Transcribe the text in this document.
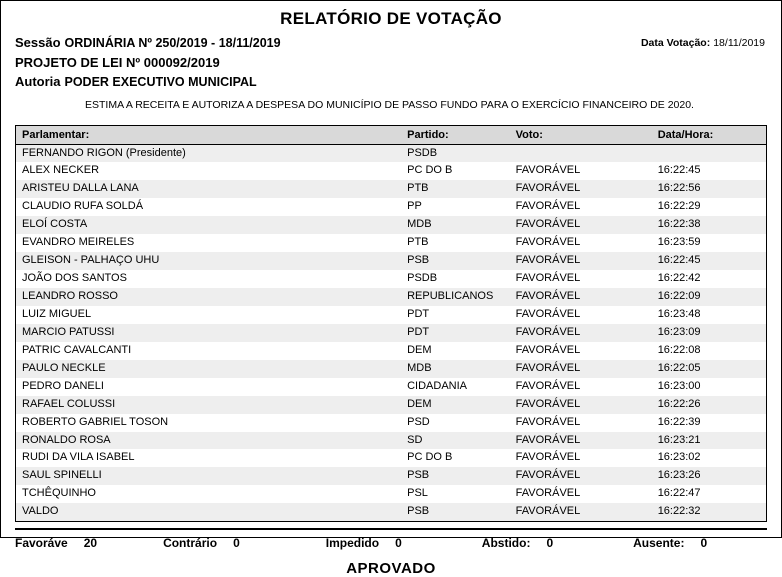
RELATÓRIO DE VOTAÇÃO
Data Votação: 18/11/2019
Sessão ORDINÁRIA Nº 250/2019 - 18/11/2019
PROJETO DE LEI Nº 000092/2019
Autoria PODER EXECUTIVO MUNICIPAL
ESTIMA A RECEITA E AUTORIZA A DESPESA DO MUNICÍPIO DE PASSO FUNDO PARA O EXERCÍCIO FINANCEIRO DE 2020.
Parlamentar:	Partido:	Voto:	Data/Hora:
FERNANDO RIGON (Presidente)	PSDB		
ALEX NECKER	PC DO B	FAVORÁVEL	16:22:45
ARISTEU DALLA LANA	PTB	FAVORÁVEL	16:22:56
CLAUDIO RUFA SOLDÁ	PP	FAVORÁVEL	16:22:29
ELOÍ COSTA	MDB	FAVORÁVEL	16:22:38
EVANDRO MEIRELES	PTB	FAVORÁVEL	16:23:59
GLEISON - PALHAÇO UHU	PSB	FAVORÁVEL	16:22:45
JOÃO DOS SANTOS	PSDB	FAVORÁVEL	16:22:42
LEANDRO ROSSO	REPUBLICANOS	FAVORÁVEL	16:22:09
LUIZ MIGUEL	PDT	FAVORÁVEL	16:23:48
MARCIO PATUSSI	PDT	FAVORÁVEL	16:23:09
PATRIC CAVALCANTI	DEM	FAVORÁVEL	16:22:08
PAULO NECKLE	MDB	FAVORÁVEL	16:22:05
PEDRO DANELI	CIDADANIA	FAVORÁVEL	16:23:00
RAFAEL COLUSSI	DEM	FAVORÁVEL	16:22:26
ROBERTO GABRIEL TOSON	PSD	FAVORÁVEL	16:22:39
RONALDO ROSA	SD	FAVORÁVEL	16:23:21
RUDI DA VILA ISABEL	PC DO B	FAVORÁVEL	16:23:02
SAUL SPINELLI	PSB	FAVORÁVEL	16:23:26
TCHÊQUINHO	PSL	FAVORÁVEL	16:22:47
VALDO	PSB	FAVORÁVEL	16:22:32
Favoráve 20	Contrário 0	Impedido 0	Abstido: 0	Ausente: 0
APROVADO
